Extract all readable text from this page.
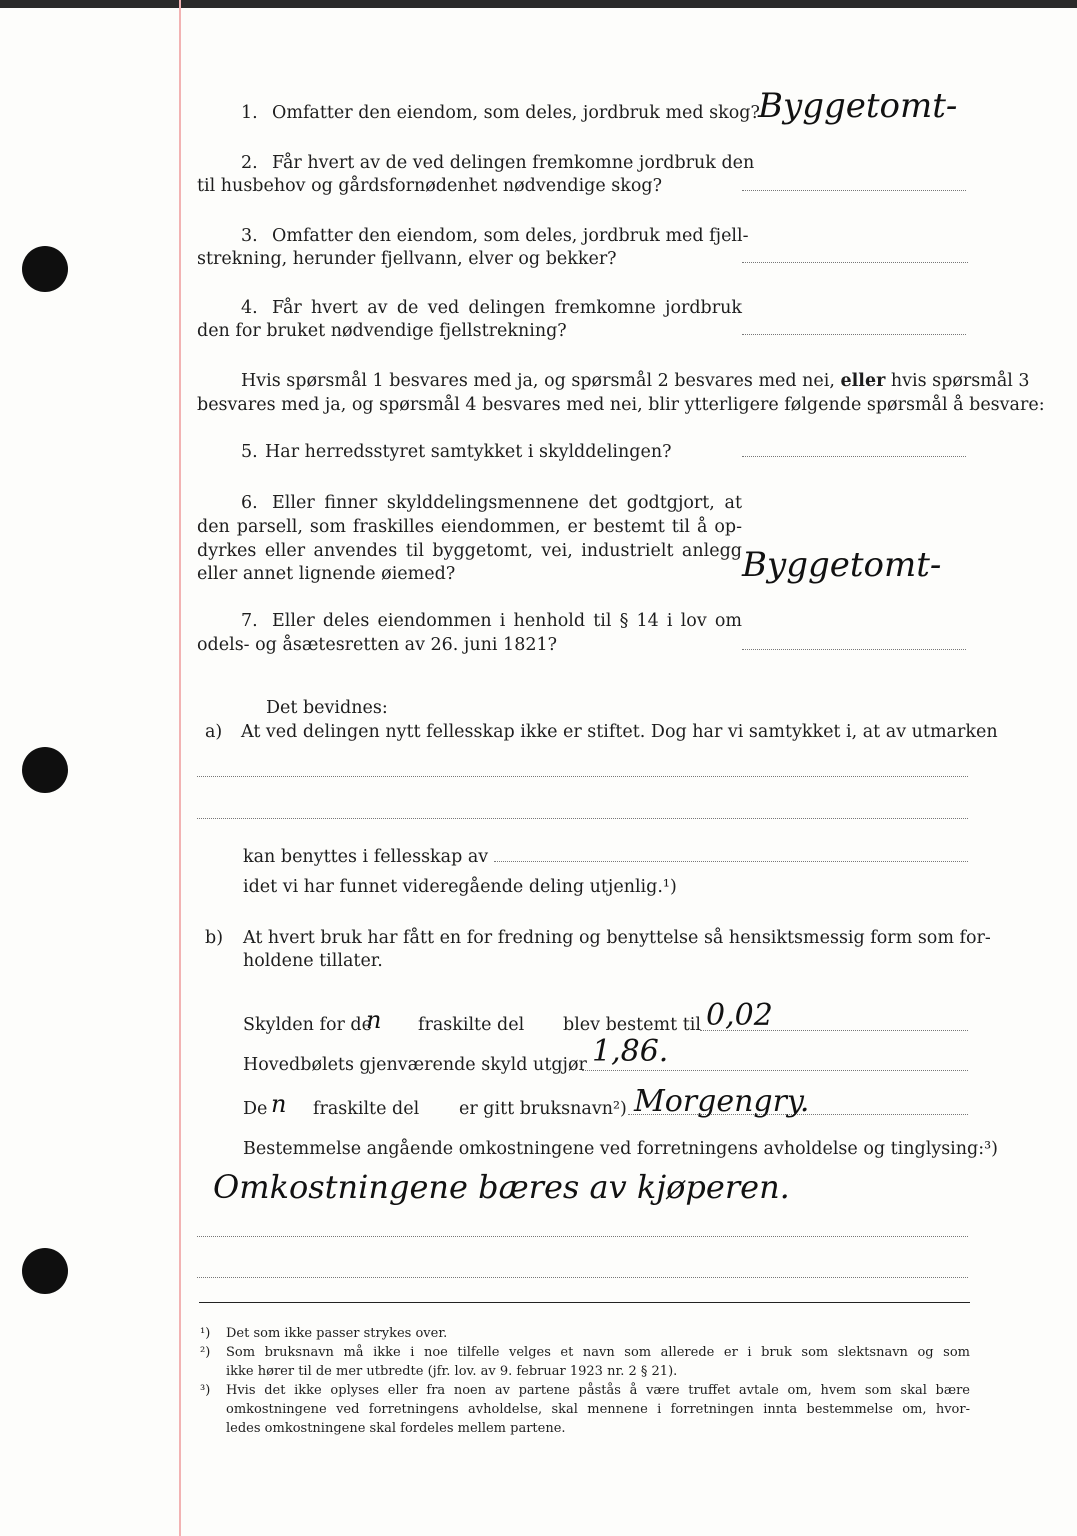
1. Omfatter den eiendom, som deles, jordbruk med skog?
Byggetomt-
2. Får hvert av de ved delingen fremkomne jordbruk den
til husbehov og gårdsfornødenhet nødvendige skog?
3. Omfatter den eiendom, som deles, jordbruk med fjell-
strekning, herunder fjellvann, elver og bekker?
4. Får hvert av de ved delingen fremkomne jordbruk
den for bruket nødvendige fjellstrekning?
Hvis spørsmål 1 besvares med ja, og spørsmål 2 besvares med nei, eller hvis spørsmål 3
besvares med ja, og spørsmål 4 besvares med nei, blir ytterligere følgende spørsmål å besvare:
5. Har herredsstyret samtykket i skylddelingen?
6. Eller finner skylddelingsmennene det godtgjort, at
den parsell, som fraskilles eiendommen, er bestemt til å op-
dyrkes eller anvendes til byggetomt, vei, industrielt anlegg
eller annet lignende øiemed?	Byggetomt-
7. Eller deles eiendommen i henhold til § 14 i lov om
odels- og åsætesretten av 26. juni 1821?
Det bevidnes:
a) At ved delingen nytt fellesskap ikke er stiftet. Dog har vi samtykket i, at av utmarken
kan benyttes i fellesskap av
idet vi har funnet videregående deling utjenlig.¹)
b) At hvert bruk har fått en for fredning og benyttelse så hensiktsmessig form som for-
holdene tillater.
Skylden for de
n fraskilte del blev bestemt til 0,02
Hovedbølets gjenværende skyld utgjør 1,86.
De n fraskilte del er gitt bruksnavn²) Morgengry.
Bestemmelse angående omkostningene ved forretningens avholdelse og tinglysing:³)
Omkostningene bæres av kjøperen.
¹) Det som ikke passer strykes over.
²) Som bruksnavn må ikke i noe tilfelle velges et navn som allerede er i bruk som slektsnavn og som
ikke hører til de mer utbredte (jfr. lov. av 9. februar 1923 nr. 2 § 21).
³) Hvis det ikke oplyses eller fra noen av partene påstås å være truffet avtale om, hvem som skal bære
omkostningene ved forretningens avholdelse, skal mennene i forretningen innta bestemmelse om, hvor-
ledes omkostningene skal fordeles mellem partene.
